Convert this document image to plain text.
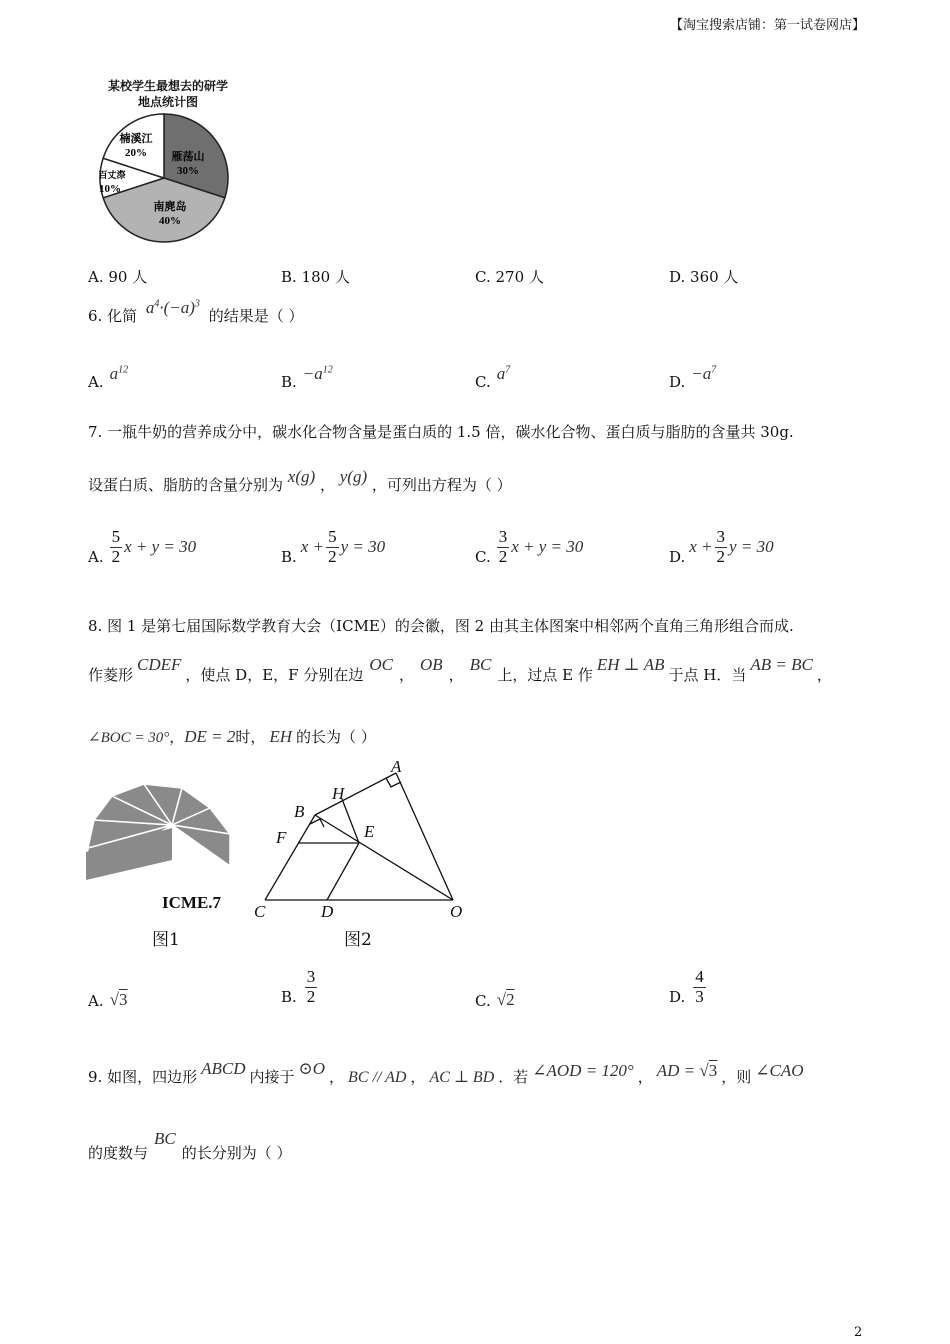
【淘宝搜索店铺：第一试卷网店】
某校学生最想去的研学
地点统计图
雁荡山
30%
南麂岛
40%
百丈漈
10%
楠溪江
20%
A. 90 人	B. 180 人	C. 270 人	D. 360 人
6. 化简 $a^4\cdot(-a)^3$ 的结果是（ ）
A. $a^{12}$
B. $-a^{12}$
C. $a^7$
D. $-a^7$
7. 一瓶牛奶的营养成分中，碳水化合物含量是蛋白质的 1.5 倍，碳水化合物、蛋白质与脂肪的含量共 30g.
设蛋白质、脂肪的含量分别为 x(g) ， y(g) ，可列出方程为（ ）
A. $\frac{5}{2}$ x + y = 30
B.
$x + \frac{5}{2}$ y = 30
C. $\frac{3}{2}$ x + y = 30
D.
$x + \frac{3}{2}$ y = 30
8. 图 1 是第七届国际数学教育大会（ICME）的会徽，图 2 由其主体图案中相邻两个直角三角形组合而成.
作菱形CDEF，使点 D，E，F 分别在边OC，OB，BC上，过点 E 作EH ⊥ AB于点 H．当AB = BC，
∠BOC = 30°，DE = 2时， EH 的长为（ ）
ICME.7
图1
A
H
B
E
F
C	D	O
图2
A. √3	B. $\frac{3}{2}$	C. √2	D. $\frac{4}{3}$
9. 如图，四边形 ABCD 内接于 ⊙O ， BC // AD ， AC ⊥ BD ．若 ∠AOD = 120° ， AD = √3 ，则 ∠CAO
的度数与BC的长分别为（ ）
2
